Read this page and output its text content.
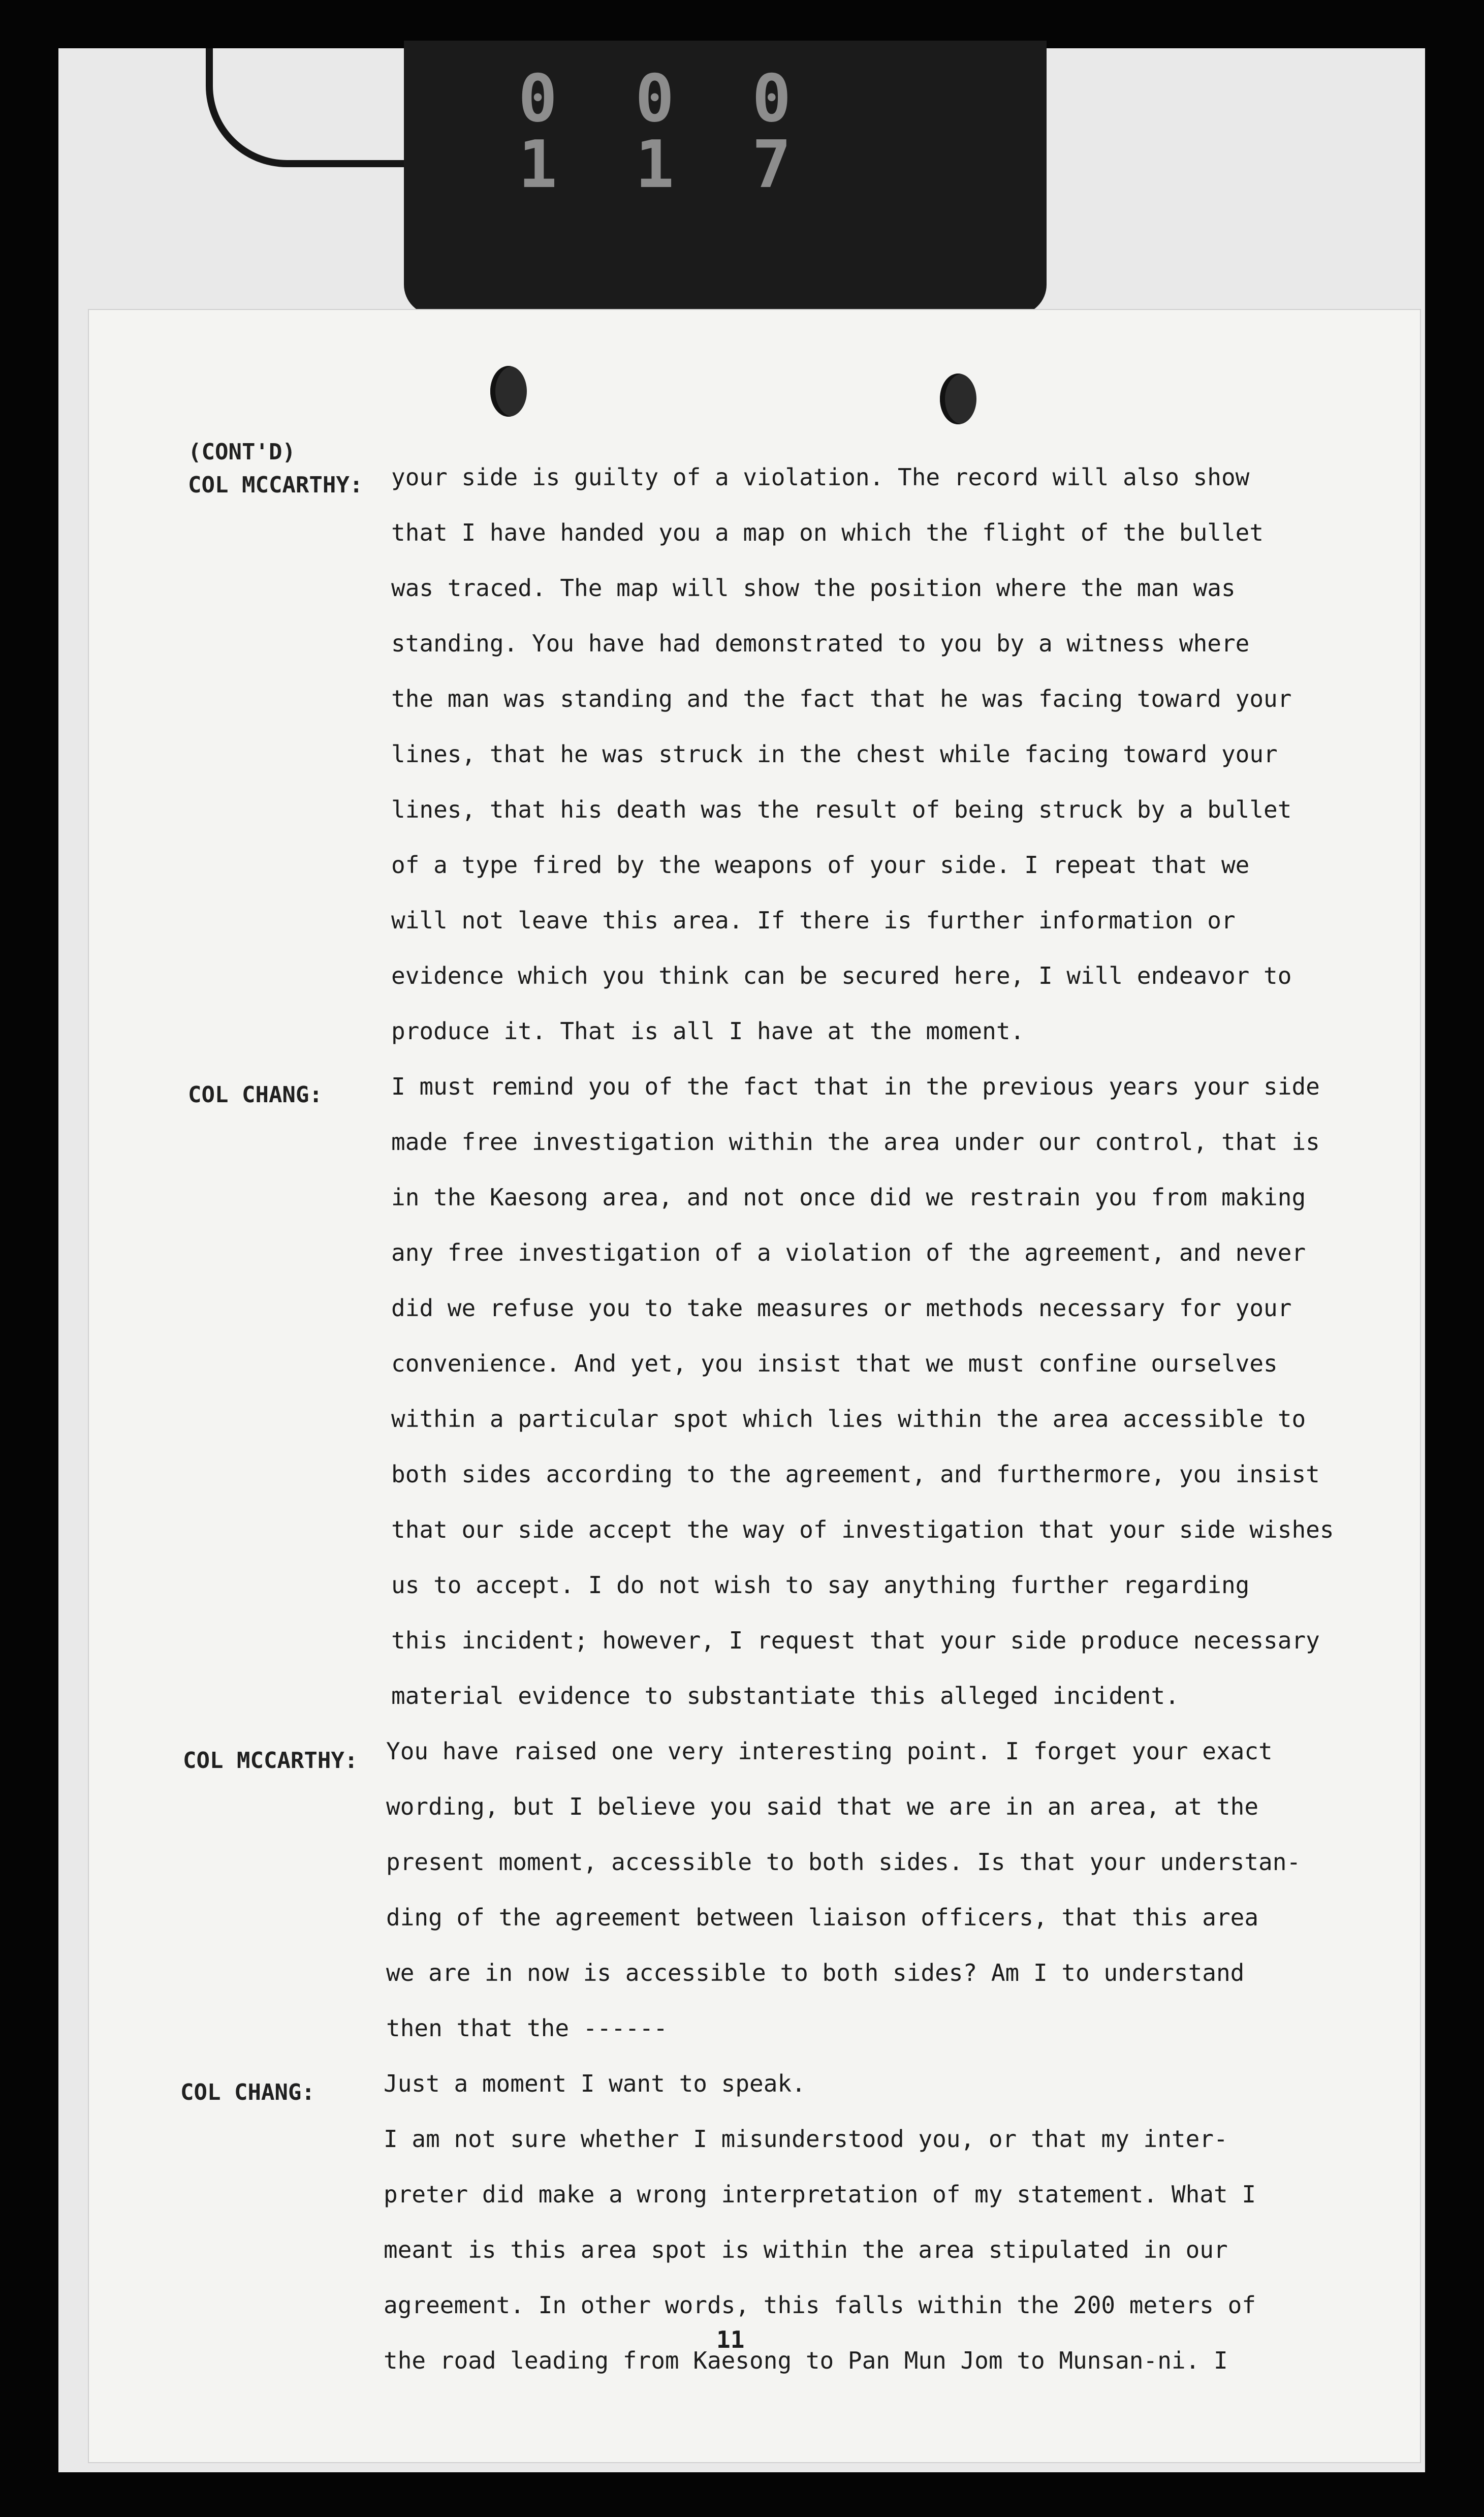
0 0 0 1 1 7
(CONT'D)
COL MCCARTHY: your side is guilty of a violation. The record will also show
that I have handed you a map on which the flight of the bullet
was traced. The map will show the position where the man was
standing. You have had demonstrated to you by a witness where
the man was standing and the fact that he was facing toward your
lines, that he was struck in the chest while facing toward your
lines, that his death was the result of being struck by a bullet
of a type fired by the weapons of your side. I repeat that we
will not leave this area. If there is further information or
evidence which you think can be secured here, I will endeavor to
produce it. That is all I have at the moment.
COL CHANG:	I must remind you of the fact that in the previous years your side
made free investigation within the area under our control, that is
in the Kaesong area, and not once did we restrain you from making
any free investigation of a violation of the agreement, and never
did we refuse you to take measures or methods necessary for your
convenience. And yet, you insist that we must confine ourselves
within a particular spot which lies within the area accessible to
both sides according to the agreement, and furthermore, you insist
that our side accept the way of investigation that your side wishes
us to accept. I do not wish to say anything further regarding
this incident; however, I request that your side produce necessary
material evidence to substantiate this alleged incident.
COL MCCARTHY: You have raised one very interesting point. I forget your exact
wording, but I believe you said that we are in an area, at the
present moment, accessible to both sides. Is that your understan-
ding of the agreement between liaison officers, that this area
we are in now is accessible to both sides? Am I to understand
then that the ------
COL CHANG:	Just a moment I want to speak.
I am not sure whether I misunderstood you, or that my inter-
preter did make a wrong interpretation of my statement. What I
meant is this area spot is within the area stipulated in our
agreement. In other words, this falls within the 200 meters of
the road leading from Kaesong to Pan Mun Jom to Munsan-ni. I
11
